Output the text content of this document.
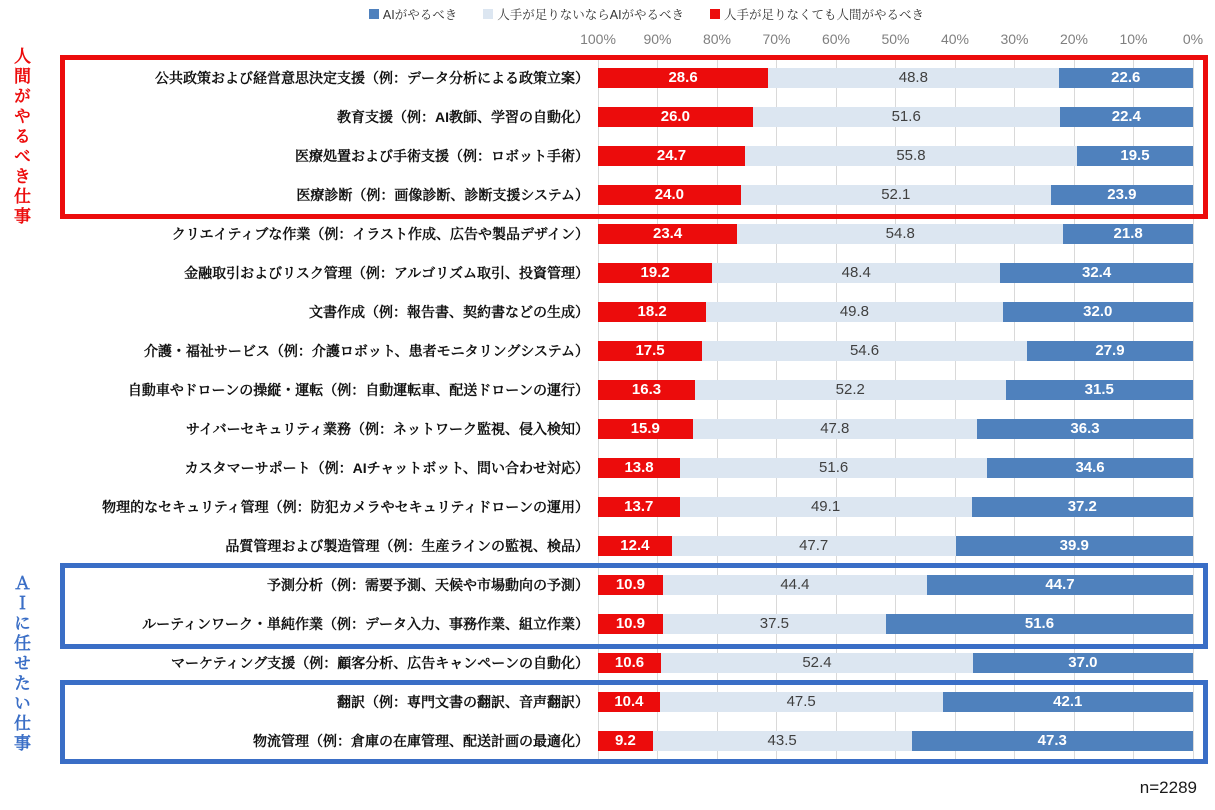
AIがやるべき	人手が足りないならAIがやるべき	人手が足りなくても人間がやるべき
100% 90% 80% 70% 60% 50% 40% 30% 20% 10%	0%
公共政策および経営意思決定支援（例：データ分析による政策立案）	28.6	48.8	22.6
教育支援（例：AI教師、学習の自動化）	26.0	51.6	22.4
医療処置および手術支援（例：ロボット手術）	24.7	55.8	19.5
医療診断（例：画像診断、診断支援システム）	24.0	52.1	23.9
クリエイティブな作業（例：イラスト作成、広告や製品デザイン）	23.4	54.8	21.8
金融取引およびリスク管理（例：アルゴリズム取引、投資管理）	19.2	48.4	32.4
文書作成（例：報告書、契約書などの生成）	18.2	49.8	32.0
介護・福祉サービス（例：介護ロボット、患者モニタリングシステム）	17.5	54.6	27.9
自動車やドローンの操縦・運転（例：自動運転車、配送ドローンの運行）	16.3	52.2	31.5
サイバーセキュリティ業務（例：ネットワーク監視、侵入検知）	15.9	47.8	36.3
カスタマーサポート（例：AIチャットボット、問い合わせ対応）	13.8	51.6	34.6
物理的なセキュリティ管理（例：防犯カメラやセキュリティドローンの運用）	13.7	49.1	37.2
品質管理および製造管理（例：生産ラインの監視、検品）	12.4	47.7	39.9
予測分析（例：需要予測、天候や市場動向の予測）	10.9	44.4	44.7
ルーティンワーク・単純作業（例：データ入力、事務作業、組立作業）	10.9	37.5	51.6
マーケティング支援（例：顧客分析、広告キャンペーンの自動化）	10.6	52.4	37.0
翻訳（例：専門文書の翻訳、音声翻訳）	10.4	47.5	42.1
物流管理（例：倉庫の在庫管理、配送計画の最適化）	9.2	43.5	47.3
人間がやるべき仕事
ＡＩに任せたい仕事
n=2289
